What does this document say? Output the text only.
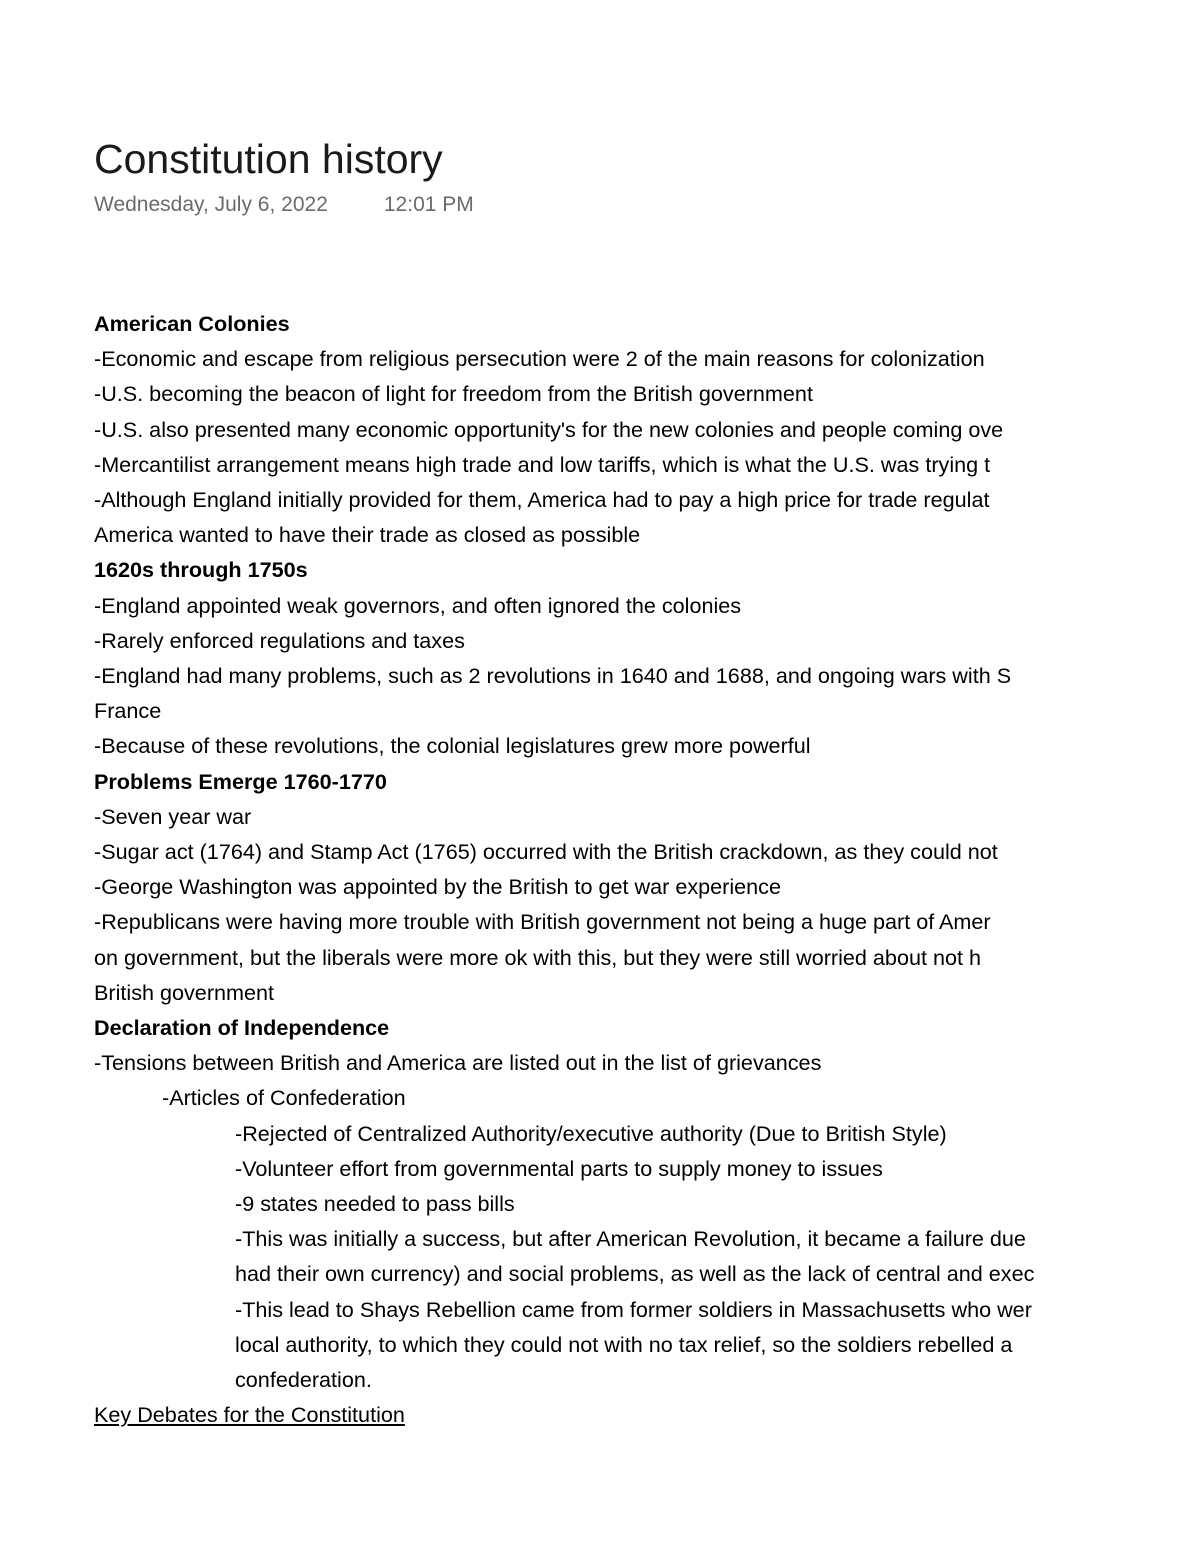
Constitution history
Wednesday, July 6, 2022	12:01 PM
American Colonies
-Economic and escape from religious persecution were 2 of the main reasons for colonization
-U.S. becoming the beacon of light for freedom from the British government
-U.S. also presented many economic opportunity's for the new colonies and people coming ove
-Mercantilist arrangement means high trade and low tariffs, which is what the U.S. was trying t
-Although England initially provided for them, America had to pay a high price for trade regulat
America wanted to have their trade as closed as possible
1620s through 1750s
-England appointed weak governors, and often ignored the colonies
-Rarely enforced regulations and taxes
-England had many problems, such as 2 revolutions in 1640 and 1688, and ongoing wars with S
France
-Because of these revolutions, the colonial legislatures grew more powerful
Problems Emerge 1760-1770
-Seven year war
-Sugar act (1764) and Stamp Act (1765) occurred with the British crackdown, as they could not
-George Washington was appointed by the British to get war experience
-Republicans were having more trouble with British government not being a huge part of Amer
on government, but the liberals were more ok with this, but they were still worried about not h
British government
Declaration of Independence
-Tensions between British and America are listed out in the list of grievances
-Articles of Confederation
-Rejected of Centralized Authority/executive authority (Due to British Style)
-Volunteer effort from governmental parts to supply money to issues
-9 states needed to pass bills
-This was initially a success, but after American Revolution, it became a failure due
had their own currency) and social problems, as well as the lack of central and exec
-This lead to Shays Rebellion came from former soldiers in Massachusetts who wer
local authority, to which they could not with no tax relief, so the soldiers rebelled a
confederation.
Key Debates for the Constitution
